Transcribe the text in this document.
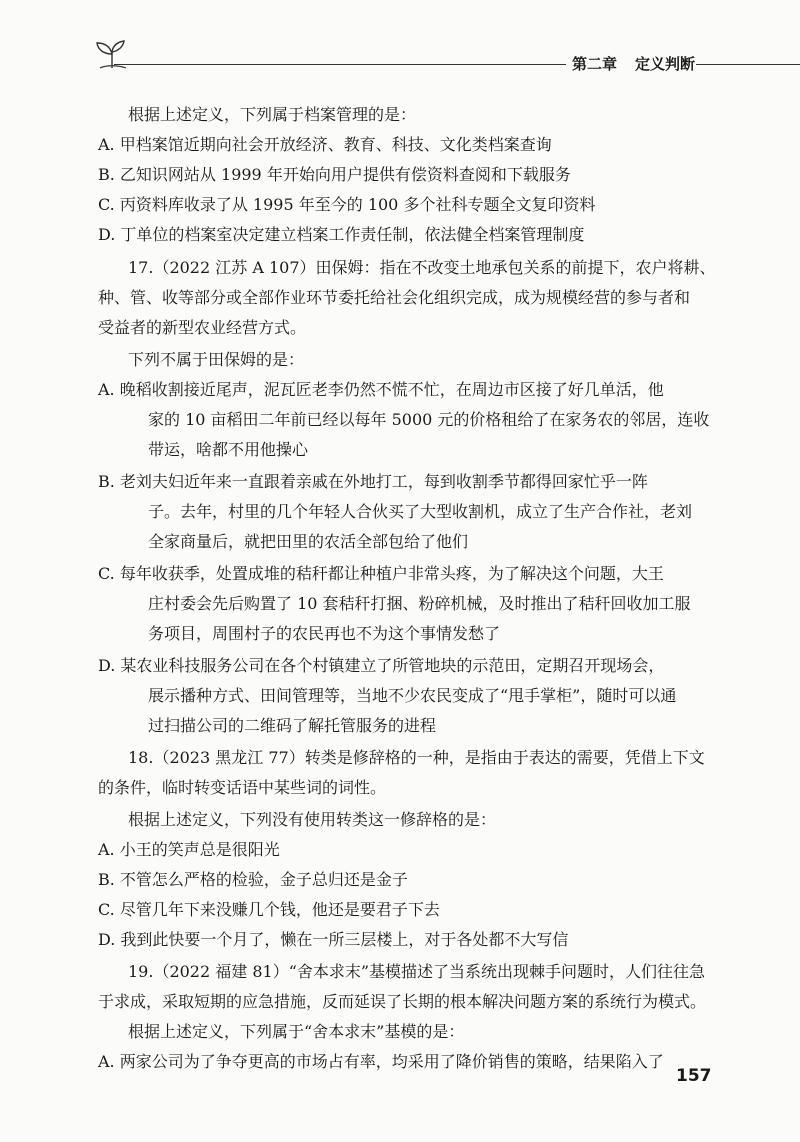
第二章 定义判断
根据上述定义，下列属于档案管理的是：
A. 甲档案馆近期向社会开放经济、教育、科技、文化类档案查询
B. 乙知识网站从 1999 年开始向用户提供有偿资料查阅和下载服务
C. 丙资料库收录了从 1995 年至今的 100 多个社科专题全文复印资料
D. 丁单位的档案室决定建立档案工作责任制，依法健全档案管理制度
17.（2022 江苏 A 107）田保姆：指在不改变土地承包关系的前提下，农户将耕、
种、管、收等部分或全部作业环节委托给社会化组织完成，成为规模经营的参与者和
受益者的新型农业经营方式。
下列不属于田保姆的是：
A. 晚稻收割接近尾声，泥瓦匠老李仍然不慌不忙，在周边市区接了好几单活，他
家的 10 亩稻田二年前已经以每年 5000 元的价格租给了在家务农的邻居，连收
带运，啥都不用他操心
B. 老刘夫妇近年来一直跟着亲戚在外地打工，每到收割季节都得回家忙乎一阵
子。去年，村里的几个年轻人合伙买了大型收割机，成立了生产合作社，老刘
全家商量后，就把田里的农活全部包给了他们
C. 每年收获季，处置成堆的秸秆都让种植户非常头疼，为了解决这个问题，大王
庄村委会先后购置了 10 套秸秆打捆、粉碎机械，及时推出了秸秆回收加工服
务项目，周围村子的农民再也不为这个事情发愁了
D. 某农业科技服务公司在各个村镇建立了所管地块的示范田，定期召开现场会，
展示播种方式、田间管理等，当地不少农民变成了“甩手掌柜”，随时可以通
过扫描公司的二维码了解托管服务的进程
18.（2023 黑龙江 77）转类是修辞格的一种，是指由于表达的需要，凭借上下文
的条件，临时转变话语中某些词的词性。
根据上述定义，下列没有使用转类这一修辞格的是：
A. 小王的笑声总是很阳光
B. 不管怎么严格的检验，金子总归还是金子
C. 尽管几年下来没赚几个钱，他还是要君子下去
D. 我到此快要一个月了，懒在一所三层楼上，对于各处都不大写信
19.（2022 福建 81）“舍本求末”基模描述了当系统出现棘手问题时，人们往往急
于求成，采取短期的应急措施，反而延误了长期的根本解决问题方案的系统行为模式。
根据上述定义，下列属于“舍本求末”基模的是：
A. 两家公司为了争夺更高的市场占有率，均采用了降价销售的策略，结果陷入了
157
